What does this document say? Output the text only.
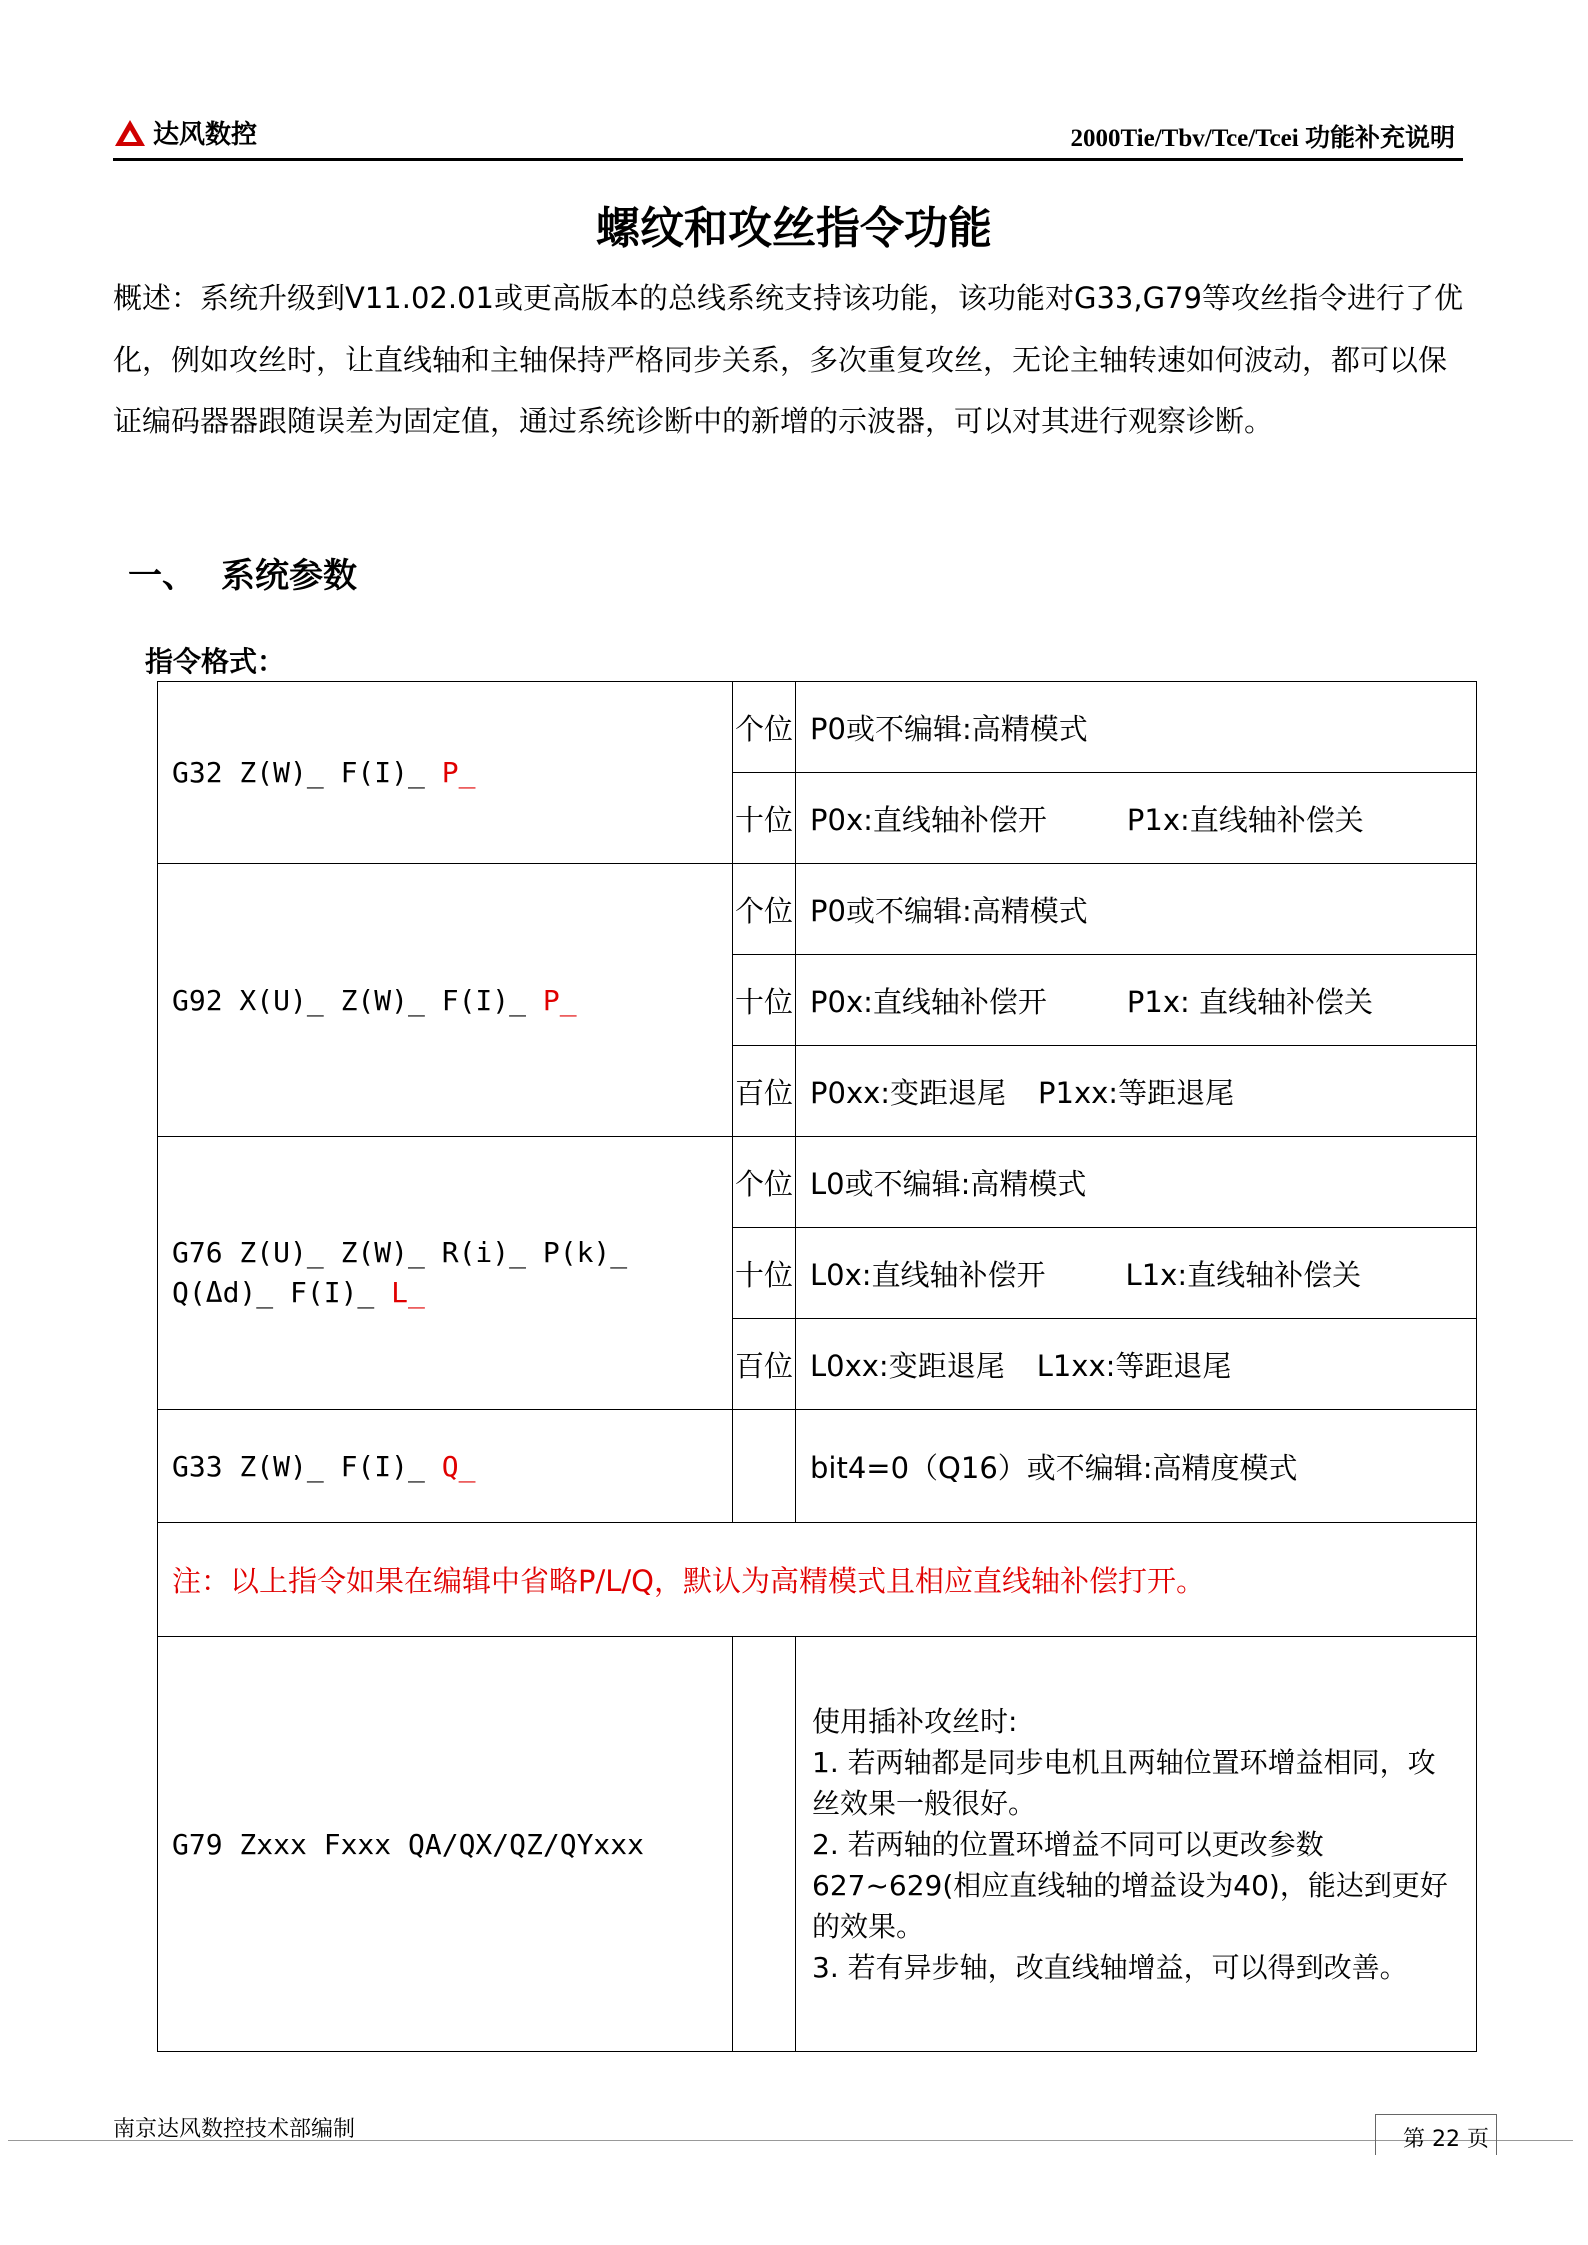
达风数控	2000Tie/Tbv/Tce/Tcei 功能补充说明
螺纹和攻丝指令功能
概述：系统升级到V11.02.01或更高版本的总线系统支持该功能，该功能对G33,G79等攻丝指令进行了优化，例如攻丝时，让直线轴和主轴保持严格同步关系，多次重复攻丝，无论主轴转速如何波动，都可以保证编码器器跟随误差为固定值，通过系统诊断中的新增的示波器，可以对其进行观察诊断。
一、 系统参数
指令格式：
G32 Z(W)_ F(I)_ P_	个位	P0或不编辑:高精模式
	十位	P0x:直线轴补偿开 P1x:直线轴补偿关
G92 X(U)_ Z(W)_ F(I)_ P_	个位	P0或不编辑:高精模式
	十位	P0x:直线轴补偿开 P1x: 直线轴补偿关
	百位	P0xx:变距退尾 P1xx:等距退尾
G76 Z(U)_ Z(W)_ R(i)_ P(k)_ Q(Δd)_ F(I)_ L_	个位	L0或不编辑:高精模式
	十位	L0x:直线轴补偿开 L1x:直线轴补偿关
	百位	L0xx:变距退尾 L1xx:等距退尾
G33 Z(W)_ F(I)_ Q_		bit4=0（Q16）或不编辑:高精度模式
注：以上指令如果在编辑中省略P/L/Q，默认为高精模式且相应直线轴补偿打开。		
G79 Zxxx Fxxx QA/QX/QZ/QYxxx		使用插补攻丝时:
1. 若两轴都是同步电机且两轴位置环增益相同，攻丝效果一般很好。
2. 若两轴的位置环增益不同可以更改参数627~629(相应直线轴的增益设为40)，能达到更好的效果。
3. 若有异步轴，改直线轴增益，可以得到改善。
南京达风数控技术部编制	第 22 页
